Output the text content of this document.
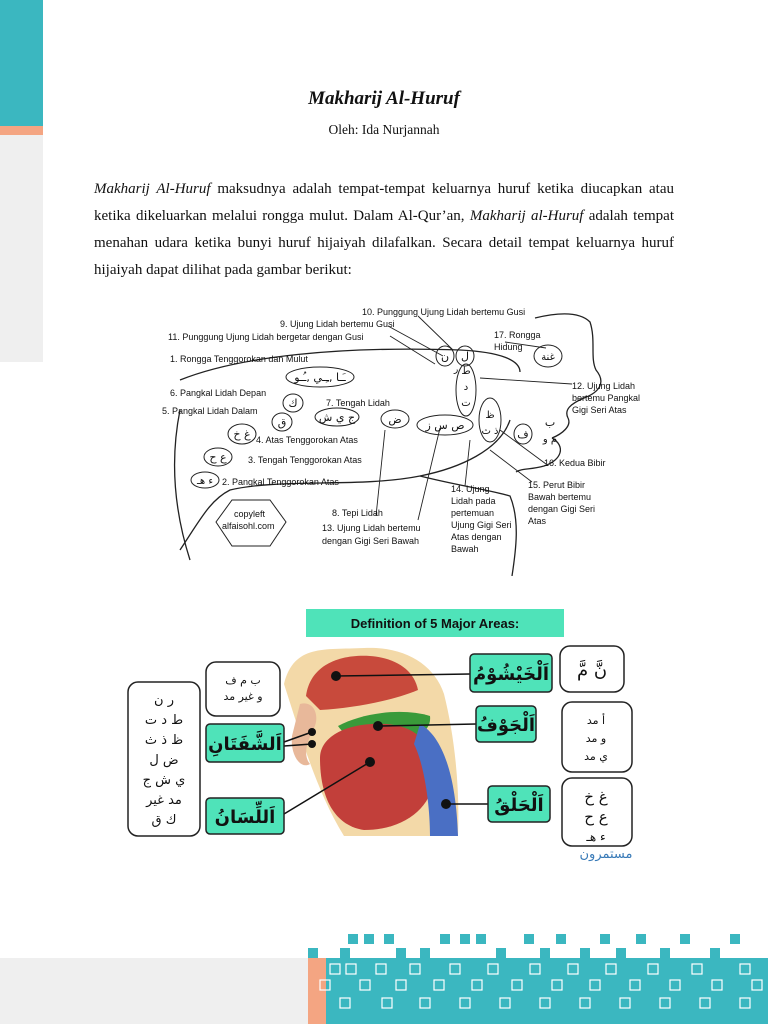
Makharij Al-Huruf
Oleh: Ida Nurjannah
Makharij Al-Huruf maksudnya adalah tempat-tempat keluarnya huruf ketika diucapkan atau ketika dikeluarkan melalui rongga mulut. Dalam Al-Qur’an, Makharij al-Huruf adalah tempat menahan udara ketika bunyi huruf hijaiyah dilafalkan. Secara detail tempat keluarnya huruf hijaiyah dapat dilihat pada gambar berikut:
10. Punggung Ujung Lidah bertemu Gusi
9. Ujung Lidah bertemu Gusi
11. Punggung Ujung Lidah bergetar dengan Gusi
1. Rongga Tenggorokan dan Mulut
6. Pangkal Lidah Depan
5. Pangkal Lidah Dalam
7. Tengah Lidah
4. Atas Tenggorokan Atas
3. Tengah Tenggorokan Atas
2. Pangkal Tenggorokan Atas
8. Tepi Lidah
13. Ujung Lidah bertemu
dengan Gigi Seri Bawah
14. Ujung
Lidah pada
pertemuan
Ujung Gigi Seri
Atas dengan
Bawah
15. Perut Bibir
Bawah bertemu
dengan Gigi Seri
Atas
16. Kedua Bibir
12. Ujung Lidah
bertemu Pangkal
Gigi Seri Atas
17. Rongga
Hidung
copyleft
alfaisohl.com
ـَـا ,ـِـي ,ـُـو
ء هـ
ع ح
غ خ
ق
ك
ج ي ش	ض ص س ز
ن ل
ط
د
ت
ر
ظ
ذ ث ف
ب
م و
غنة
Definition of 5 Major Areas:
اَلْخَيْشُوْمُ
اَلْجَوْفُ
اَلْحَلْقُ
اَلشَّفَتَانِ
اَللِّسَانُ
نَّ مَّ
أ مد
و مد
ي مد
غ خ
ع ح
ء هـ
ب م ف
و غير مد
ر ن
ط د ت
ظ ذ ث
ض ل
ي ش ج
مد غير
ك ق
مستمرون
